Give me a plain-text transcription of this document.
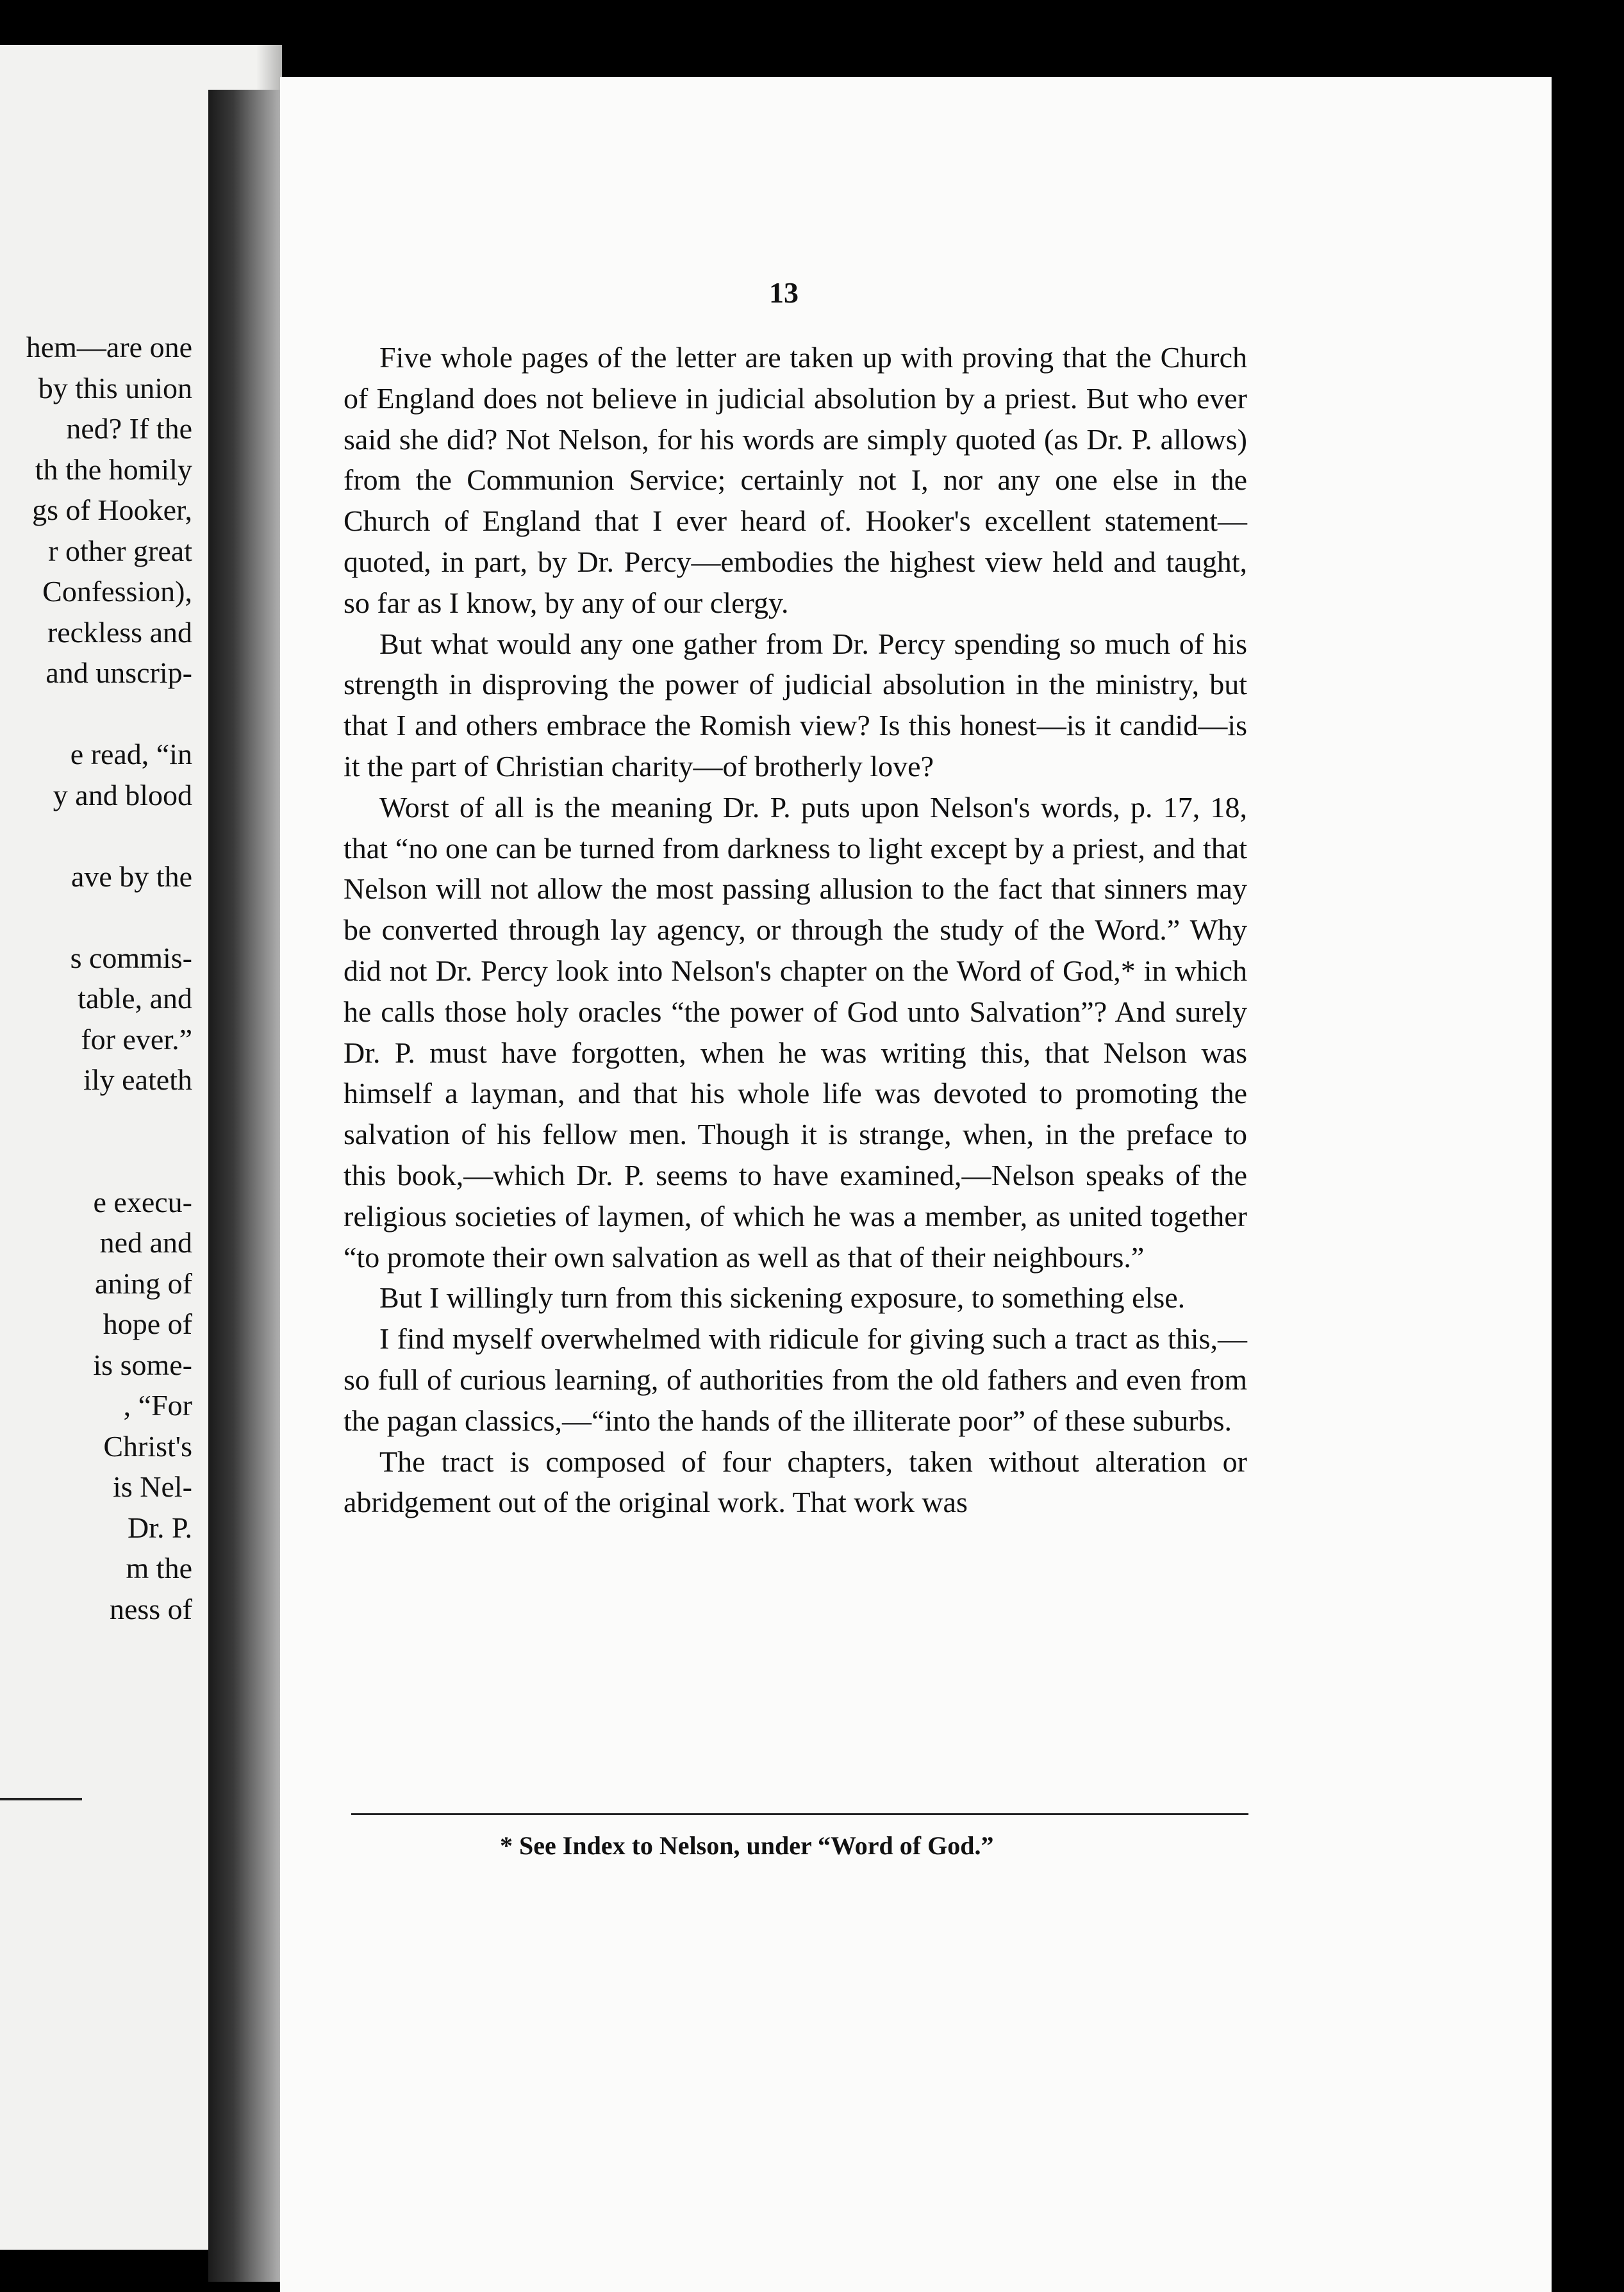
hem—are one
by this union
ned? If the
th the homily
gs of Hooker,
r other great
Confession),
reckless and
and unscrip-
e read, “in
y and blood
ave by the
s commis-
table, and
for ever.”
ily eateth
e execu-
ned and
aning of
hope of
is some-
, “For
Christ's
is Nel-
Dr. P.
m the
ness of
13

Five whole pages of the letter are taken up with proving that the Church of England does not believe in judicial absolution by a priest. But who ever said she did? Not Nelson, for his words are simply quoted (as Dr. P. allows) from the Communion Service; certainly not I, nor any one else in the Church of England that I ever heard of. Hooker's excellent statement—quoted, in part, by Dr. Percy—embodies the highest view held and taught, so far as I know, by any of our clergy.

But what would any one gather from Dr. Percy spending so much of his strength in disproving the power of judicial absolution in the ministry, but that I and others embrace the Romish view? Is this honest—is it candid—is it the part of Christian charity—of brotherly love?

Worst of all is the meaning Dr. P. puts upon Nelson's words, p. 17, 18, that “no one can be turned from darkness to light except by a priest, and that Nelson will not allow the most passing allusion to the fact that sinners may be converted through lay agency, or through the study of the Word.” Why did not Dr. Percy look into Nelson's chapter on the Word of God,* in which he calls those holy oracles “the power of God unto Salvation”? And surely Dr. P. must have forgotten, when he was writing this, that Nelson was himself a layman, and that his whole life was devoted to promoting the salvation of his fellow men. Though it is strange, when, in the preface to this book,—which Dr. P. seems to have examined,—Nelson speaks of the religious societies of laymen, of which he was a member, as united together “to promote their own salvation as well as that of their neighbours.”

But I willingly turn from this sickening exposure, to something else.

I find myself overwhelmed with ridicule for giving such a tract as this,—so full of curious learning, of authorities from the old fathers and even from the pagan classics,—“into the hands of the illiterate poor” of these suburbs.

The tract is composed of four chapters, taken without alteration or abridgement out of the original work. That work was

* See Index to Nelson, under “Word of God.”
